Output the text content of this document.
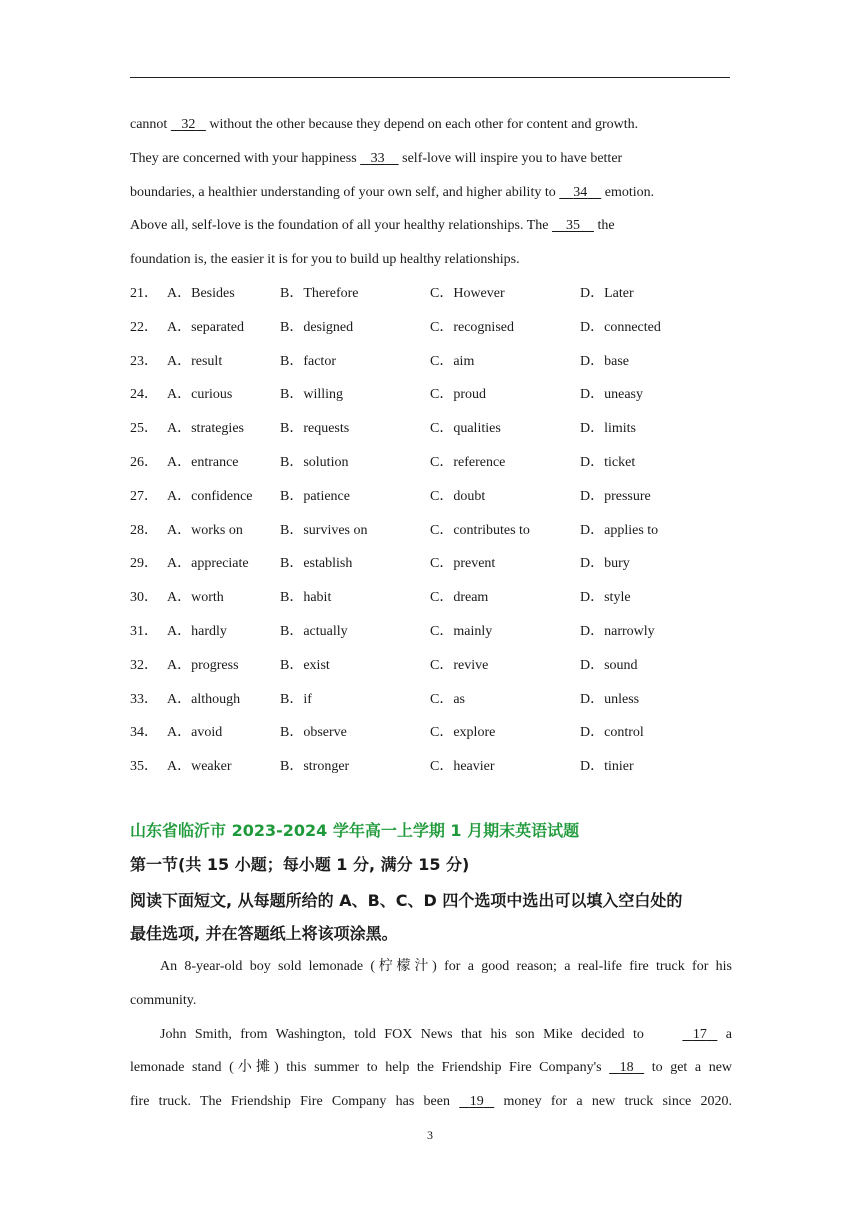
cannot    32    without the other because they depend on each other for content and growth.

They are concerned with your happiness    33     self-love will inspire you to have better

boundaries, a healthier understanding of your own self, and higher ability to     34     emotion.

Above all, self-love is the foundation of all your healthy relationships. The     35     the

foundation is, the easier it is for you to build up healthy relationships.

21． A．Besides	B．Therefore	C．However	D．Later
22． A．separated	B．designed	C．recognised	D．connected
23． A．result	B．factor	C．aim	D．base
24． A．curious	B．willing	C．proud	D．uneasy
25． A．strategies	B．requests	C．qualities	D．limits
26． A．entrance	B．solution	C．reference	D．ticket
27． A．confidence B．patience	C．doubt	D．pressure
28． A．works on	B．survives on	C．contributes to	D．applies to
29． A．appreciate B．establish	C．prevent	D．bury
30． A．worth	B．habit	C．dream	D．style
31． A．hardly	B．actually	C．mainly	D．narrowly
32． A．progress	B．exist	C．revive	D．sound
33． A．although	B．if	C．as	D．unless
34． A．avoid	B．observe	C．explore	D．control
35． A．weaker	B．stronger	C．heavier	D．tinier
山东省临沂市 2023-2024 学年高一上学期 1 月期末英语试题
第一节(共 15 小题；每小题 1 分, 满分 15 分)

阅读下面短文, 从每题所给的 A、B、C、D 四个选项中选出可以填入空白处的

最佳选项, 并在答题纸上将该项涂黑。

An 8-year-old boy sold lemonade (柠檬汁) for a good reason; a real-life fire truck for his
community.

John Smith, from Washington, told FOX News that his son Mike decided to	17    a
lemonade stand (小摊) this summer to help the Friendship Fire Company's    18    to get a new
fire truck. The Friendship Fire Company has been    19    money for a new truck since 2020.

3
